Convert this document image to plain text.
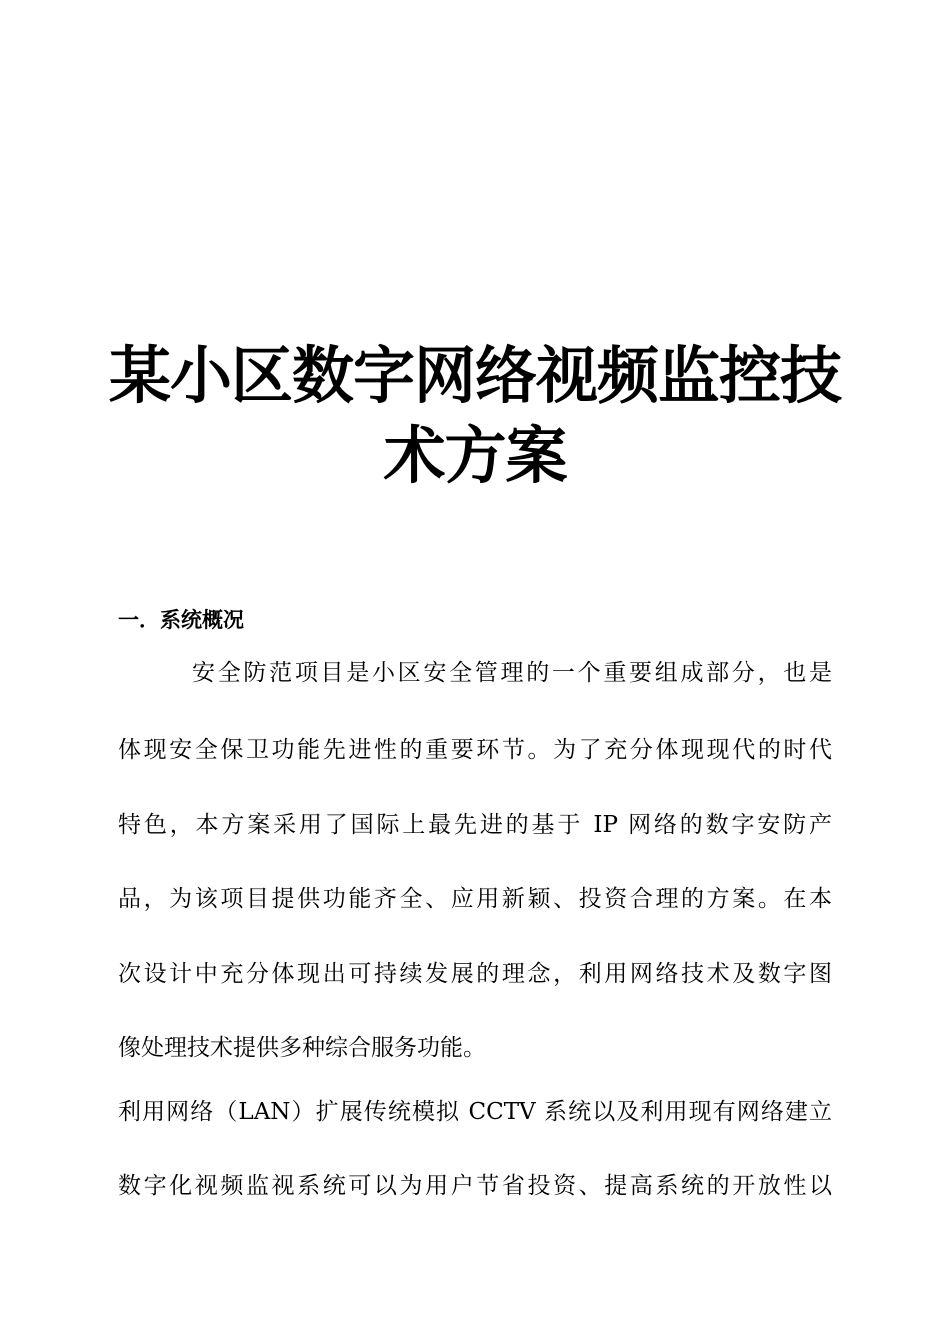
某小区数字网络视频监控技
术方案
一．系统概况
安全防范项目是小区安全管理的一个重要组成部分，也是
体现安全保卫功能先进性的重要环节。为了充分体现现代的时代
特色，本方案采用了国际上最先进的基于 IP 网络的数字安防产
品，为该项目提供功能齐全、应用新颖、投资合理的方案。在本
次设计中充分体现出可持续发展的理念，利用网络技术及数字图
像处理技术提供多种综合服务功能。
利用网络（LAN）扩展传统模拟 CCTV 系统以及利用现有网络建立
数字化视频监视系统可以为用户节省投资、提高系统的开放性以
